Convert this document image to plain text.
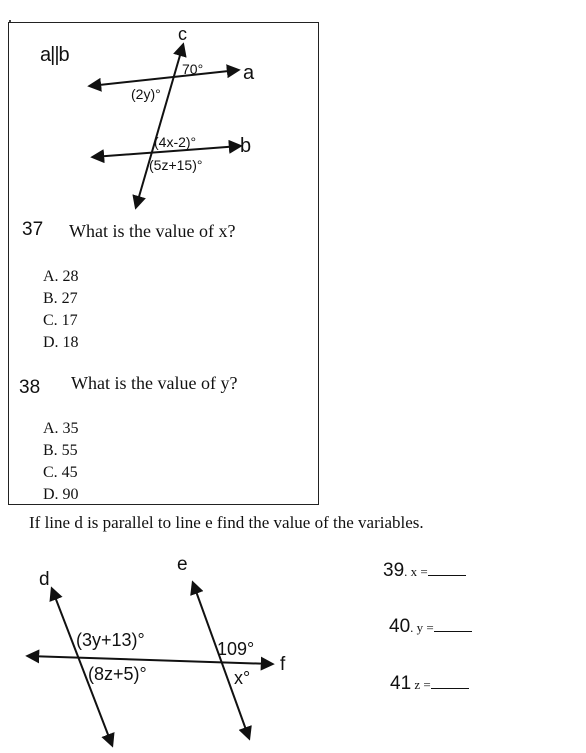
a||b
c
a
b
70°
(2y)°
(4x-2)°
(5z+15)°
37 What is the value of x?
A. 28
B. 27
C. 17
D. 18
38 What is the value of y?
A. 35
B. 55
C. 45
D. 90
If line d is parallel to line e find the value of the variables.
d
e
f
(3y+13)°
(8z+5)°
109°
x°
39. x =
40. y =
41 z =
